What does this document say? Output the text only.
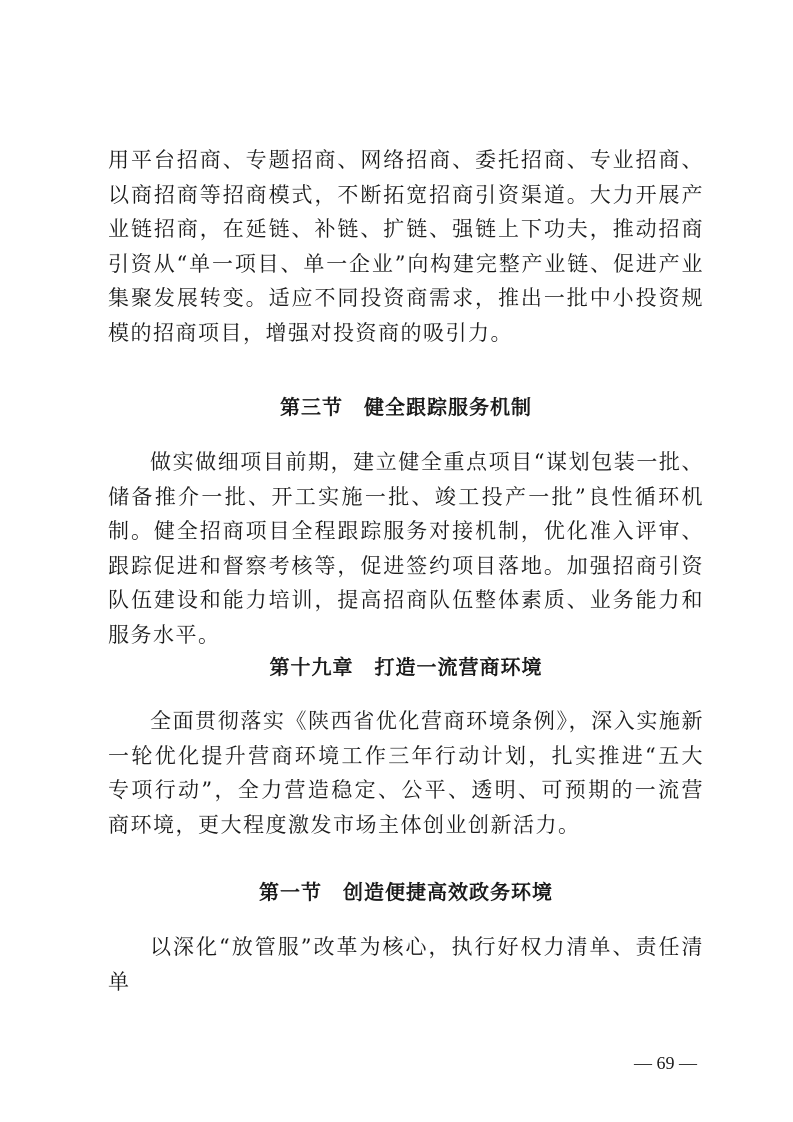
用平台招商、专题招商、网络招商、委托招商、专业招商、以商招商等招商模式，不断拓宽招商引资渠道。大力开展产业链招商，在延链、补链、扩链、强链上下功夫，推动招商引资从“单一项目、单一企业”向构建完整产业链、促进产业集聚发展转变。适应不同投资商需求，推出一批中小投资规模的招商项目，增强对投资商的吸引力。

第三节　健全跟踪服务机制

做实做细项目前期，建立健全重点项目“谋划包装一批、储备推介一批、开工实施一批、竣工投产一批”良性循环机制。健全招商项目全程跟踪服务对接机制，优化准入评审、跟踪促进和督察考核等，促进签约项目落地。加强招商引资队伍建设和能力培训，提高招商队伍整体素质、业务能力和服务水平。

第十九章　打造一流营商环境

全面贯彻落实《陕西省优化营商环境条例》，深入实施新一轮优化提升营商环境工作三年行动计划，扎实推进“五大专项行动”，全力营造稳定、公平、透明、可预期的一流营商环境，更大程度激发市场主体创业创新活力。

第一节　创造便捷高效政务环境

以深化“放管服”改革为核心，执行好权力清单、责任清单

— 69 —
